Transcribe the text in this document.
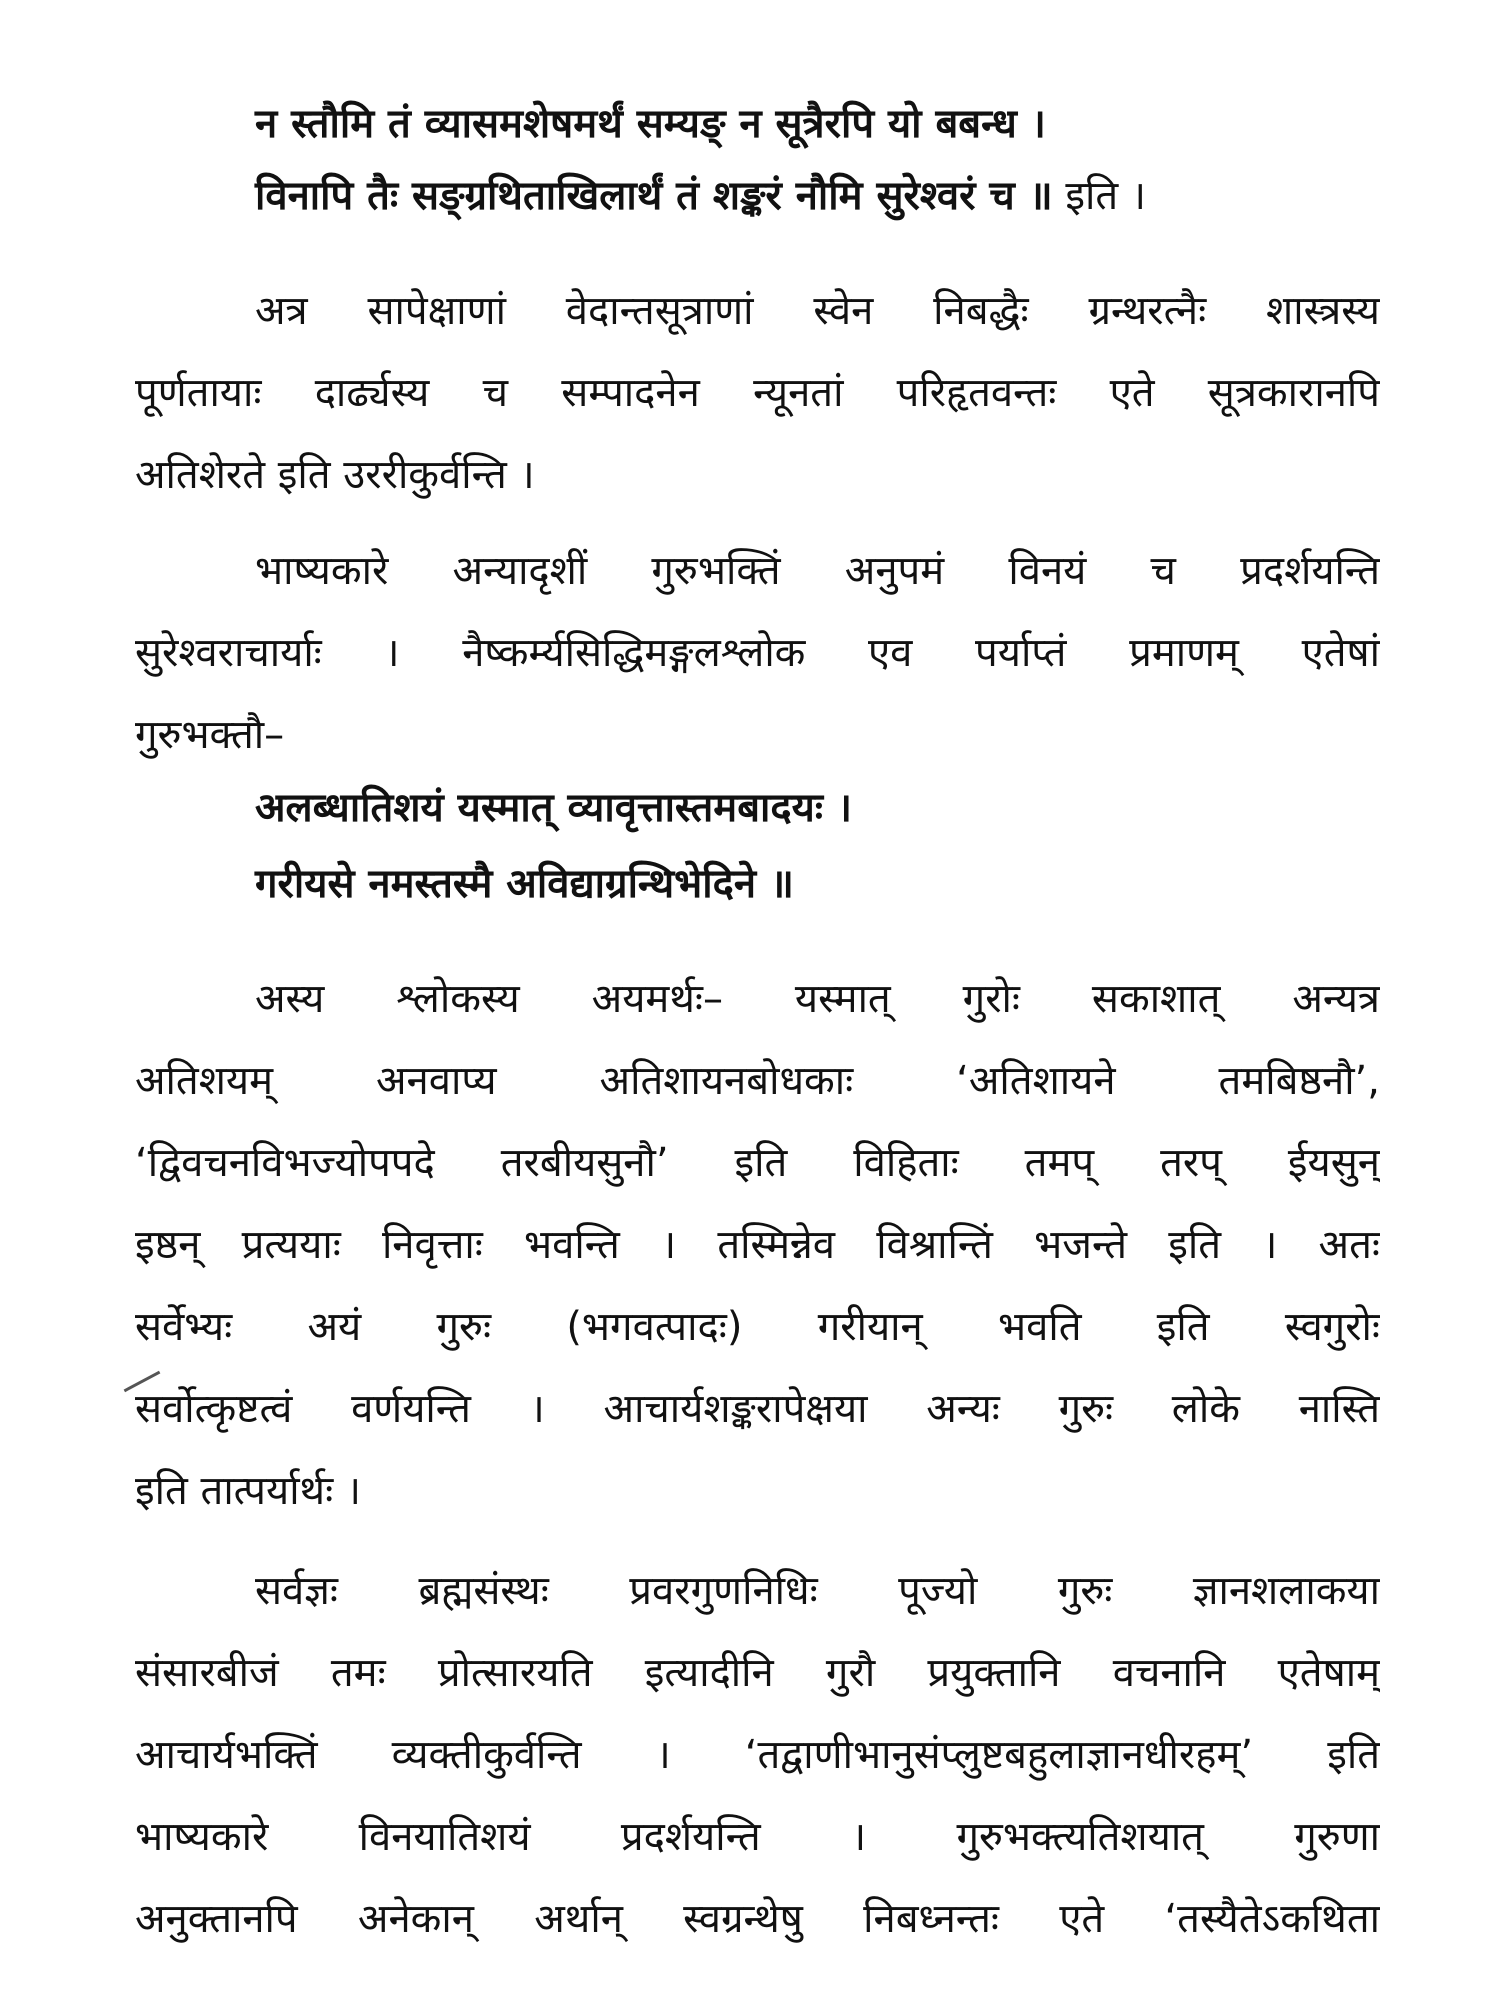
न स्तौमि तं व्यासमशेषमर्थं सम्यङ् न सूत्रैरपि यो बबन्ध ।
विनापि तैः सङ्ग्रथिताखिलार्थं तं शङ्करं नौमि सुरेश्वरं च ॥ इति ।
अत्र सापेक्षाणां वेदान्तसूत्राणां स्वेन निबद्धैः ग्रन्थरत्नैः शास्त्रस्य
पूर्णतायाः दार्ढ्यस्य च सम्पादनेन न्यूनतां परिहृतवन्तः एते सूत्रकारानपि
अतिशेरते इति उररीकुर्वन्ति ।
भाष्यकारे अन्यादृशीं गुरुभक्तिं अनुपमं विनयं च प्रदर्शयन्ति
सुरेश्वराचार्याः । नैष्कर्म्यसिद्धिमङ्गलश्लोक एव पर्याप्तं प्रमाणम् एतेषां
गुरुभक्तौ–
अलब्धातिशयं यस्मात् व्यावृत्तास्तमबादयः ।
गरीयसे नमस्तस्मै अविद्याग्रन्थिभेदिने ॥
अस्य श्लोकस्य अयमर्थः– यस्मात् गुरोः सकाशात् अन्यत्र
अतिशयम् अनवाप्य अतिशायनबोधकाः ‘अतिशायने तमबिष्ठनौ’,
‘द्विवचनविभज्योपपदे तरबीयसुनौ’ इति विहिताः तमप् तरप् ईयसुन्
इष्ठन् प्रत्ययाः निवृत्ताः भवन्ति । तस्मिन्नेव विश्रान्तिं भजन्ते इति । अतः
सर्वेभ्यः अयं गुरुः (भगवत्पादः) गरीयान् भवति इति स्वगुरोः
सर्वोत्कृष्टत्वं वर्णयन्ति । आचार्यशङ्करापेक्षया अन्यः गुरुः लोके नास्ति
इति तात्पर्यार्थः ।
सर्वज्ञः ब्रह्मसंस्थः प्रवरगुणनिधिः पूज्यो गुरुः ज्ञानशलाकया
संसारबीजं तमः प्रोत्सारयति इत्यादीनि गुरौ प्रयुक्तानि वचनानि एतेषाम्
आचार्यभक्तिं व्यक्तीकुर्वन्ति । ‘तद्वाणीभानुसंप्लुष्टबहुलाज्ञानधीरहम्’ इति
भाष्यकारे विनयातिशयं प्रदर्शयन्ति । गुरुभक्त्यतिशयात् गुरुणा
अनुक्तानपि अनेकान् अर्थान् स्वग्रन्थेषु निबध्नन्तः एते ‘तस्यैतेऽकथिता
